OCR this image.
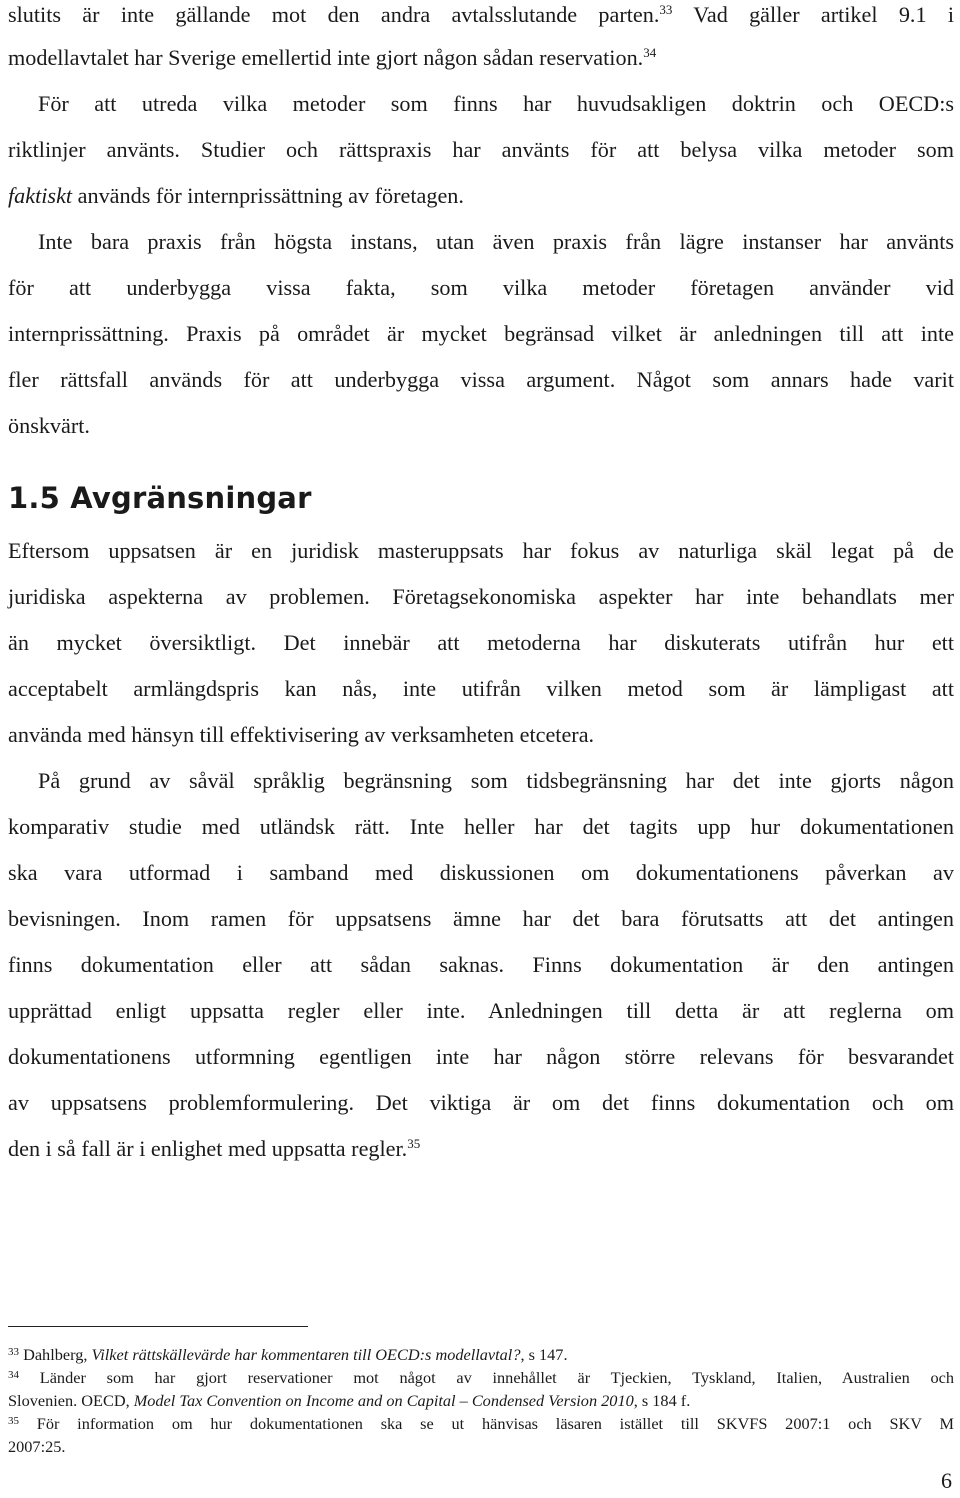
slutits är inte gällande mot den andra avtalsslutande parten.$^{33}$ Vad gäller artikel 9.1 i
modellavtalet har Sverige emellertid inte gjort någon sådan reservation.$^{34}$
För att utreda vilka metoder som finns har huvudsakligen doktrin och OECD:s
riktlinjer använts. Studier och rättspraxis har använts för att belysa vilka metoder som
faktiskt används för internprissättning av företagen.
Inte bara praxis från högsta instans, utan även praxis från lägre instanser har använts
för att underbygga vissa fakta, som vilka metoder företagen använder vid
internprissättning. Praxis på området är mycket begränsad vilket är anledningen till att inte
fler rättsfall används för att underbygga vissa argument. Något som annars hade varit
önskvärt.
1.5 Avgränsningar
Eftersom uppsatsen är en juridisk masteruppsats har fokus av naturliga skäl legat på de
juridiska aspekterna av problemen. Företagsekonomiska aspekter har inte behandlats mer
än mycket översiktligt. Det innebär att metoderna har diskuterats utifrån hur ett
acceptabelt armlängdspris kan nås, inte utifrån vilken metod som är lämpligast att
använda med hänsyn till effektivisering av verksamheten etcetera.
På grund av såväl språklig begränsning som tidsbegränsning har det inte gjorts någon
komparativ studie med utländsk rätt. Inte heller har det tagits upp hur dokumentationen
ska vara utformad i samband med diskussionen om dokumentationens påverkan av
bevisningen. Inom ramen för uppsatsens ämne har det bara förutsatts att det antingen
finns dokumentation eller att sådan saknas. Finns dokumentation är den antingen
upprättad enligt uppsatta regler eller inte. Anledningen till detta är att reglerna om
dokumentationens utformning egentligen inte har någon större relevans för besvarandet
av uppsatsens problemformulering. Det viktiga är om det finns dokumentation och om
den i så fall är i enlighet med uppsatta regler.$^{35}$
$^{33}$ Dahlberg, Vilket rättskällevärde har kommentaren till OECD:s modellavtal?, s 147.
$^{34}$ Länder som har gjort reservationer mot något av innehållet är Tjeckien, Tyskland, Italien, Australien och
Slovenien. OECD, Model Tax Convention on Income and on Capital – Condensed Version 2010, s 184 f.
$^{35}$ För information om hur dokumentationen ska se ut hänvisas läsaren istället till SKVFS 2007:1 och SKV M
2007:25.
6
